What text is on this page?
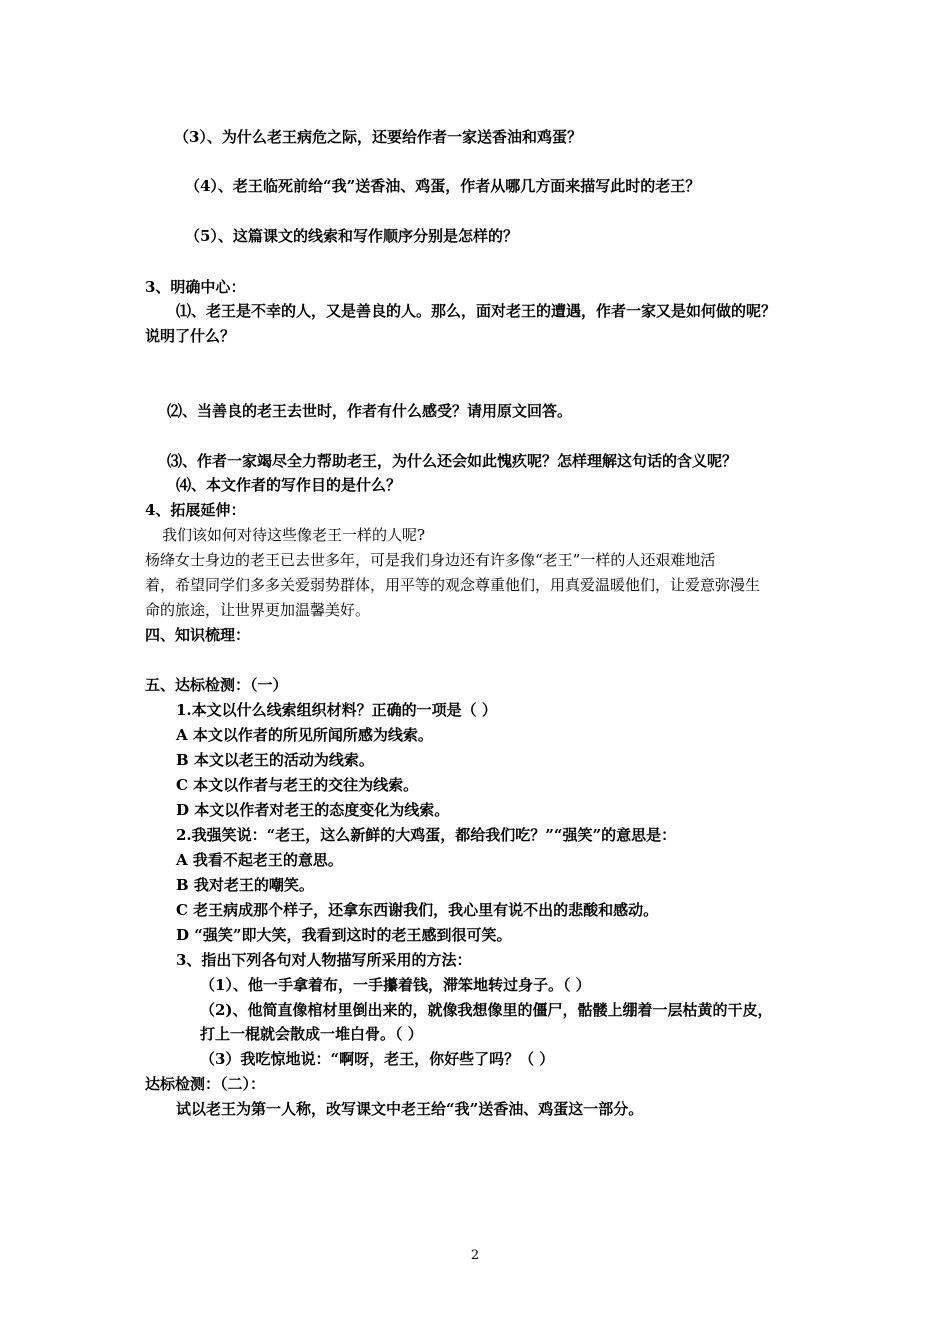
（3）、为什么老王病危之际，还要给作者一家送香油和鸡蛋？
（4）、老王临死前给“我”送香油、鸡蛋，作者从哪几方面来描写此时的老王？
（5）、这篇课文的线索和写作顺序分别是怎样的？
3、明确中心：
⑴、老王是不幸的人，又是善良的人。那么，面对老王的遭遇，作者一家又是如何做的呢？
说明了什么？
⑵、当善良的老王去世时，作者有什么感受？请用原文回答。
⑶、作者一家竭尽全力帮助老王，为什么还会如此愧疚呢？怎样理解这句话的含义呢？
⑷、本文作者的写作目的是什么？
4、拓展延伸：
我们该如何对待这些像老王一样的人呢?
杨绛女士身边的老王已去世多年，可是我们身边还有许多像“老王”一样的人还艰难地活
着，希望同学们多多关爱弱势群体，用平等的观念尊重他们，用真爱温暖他们，让爱意弥漫生
命的旅途，让世界更加温馨美好。
四、知识梳理：
五、达标检测：（一）
1.本文以什么线索组织材料？正确的一项是（ ）
A 本文以作者的所见所闻所感为线索。
B 本文以老王的活动为线索。
C 本文以作者与老王的交往为线索。
D 本文以作者对老王的态度变化为线索。
2.我强笑说：“老王，这么新鲜的大鸡蛋，都给我们吃？”“强笑”的意思是：
A 我看不起老王的意思。
B 我对老王的嘲笑。
C 老王病成那个样子，还拿东西谢我们，我心里有说不出的悲酸和感动。
D “强笑”即大笑，我看到这时的老王感到很可笑。
3、指出下列各句对人物描写所采用的方法：
（1）、他一手拿着布，一手攥着钱，滞笨地转过身子。（ ）
（2)、他简直像棺材里倒出来的，就像我想像里的僵尸，骷髅上绷着一层枯黄的干皮，
打上一棍就会散成一堆白骨。（ ）
（3）我吃惊地说：“啊呀，老王，你好些了吗？（ ）
达标检测：（二）：
试以老王为第一人称，改写课文中老王给“我”送香油、鸡蛋这一部分。
2
